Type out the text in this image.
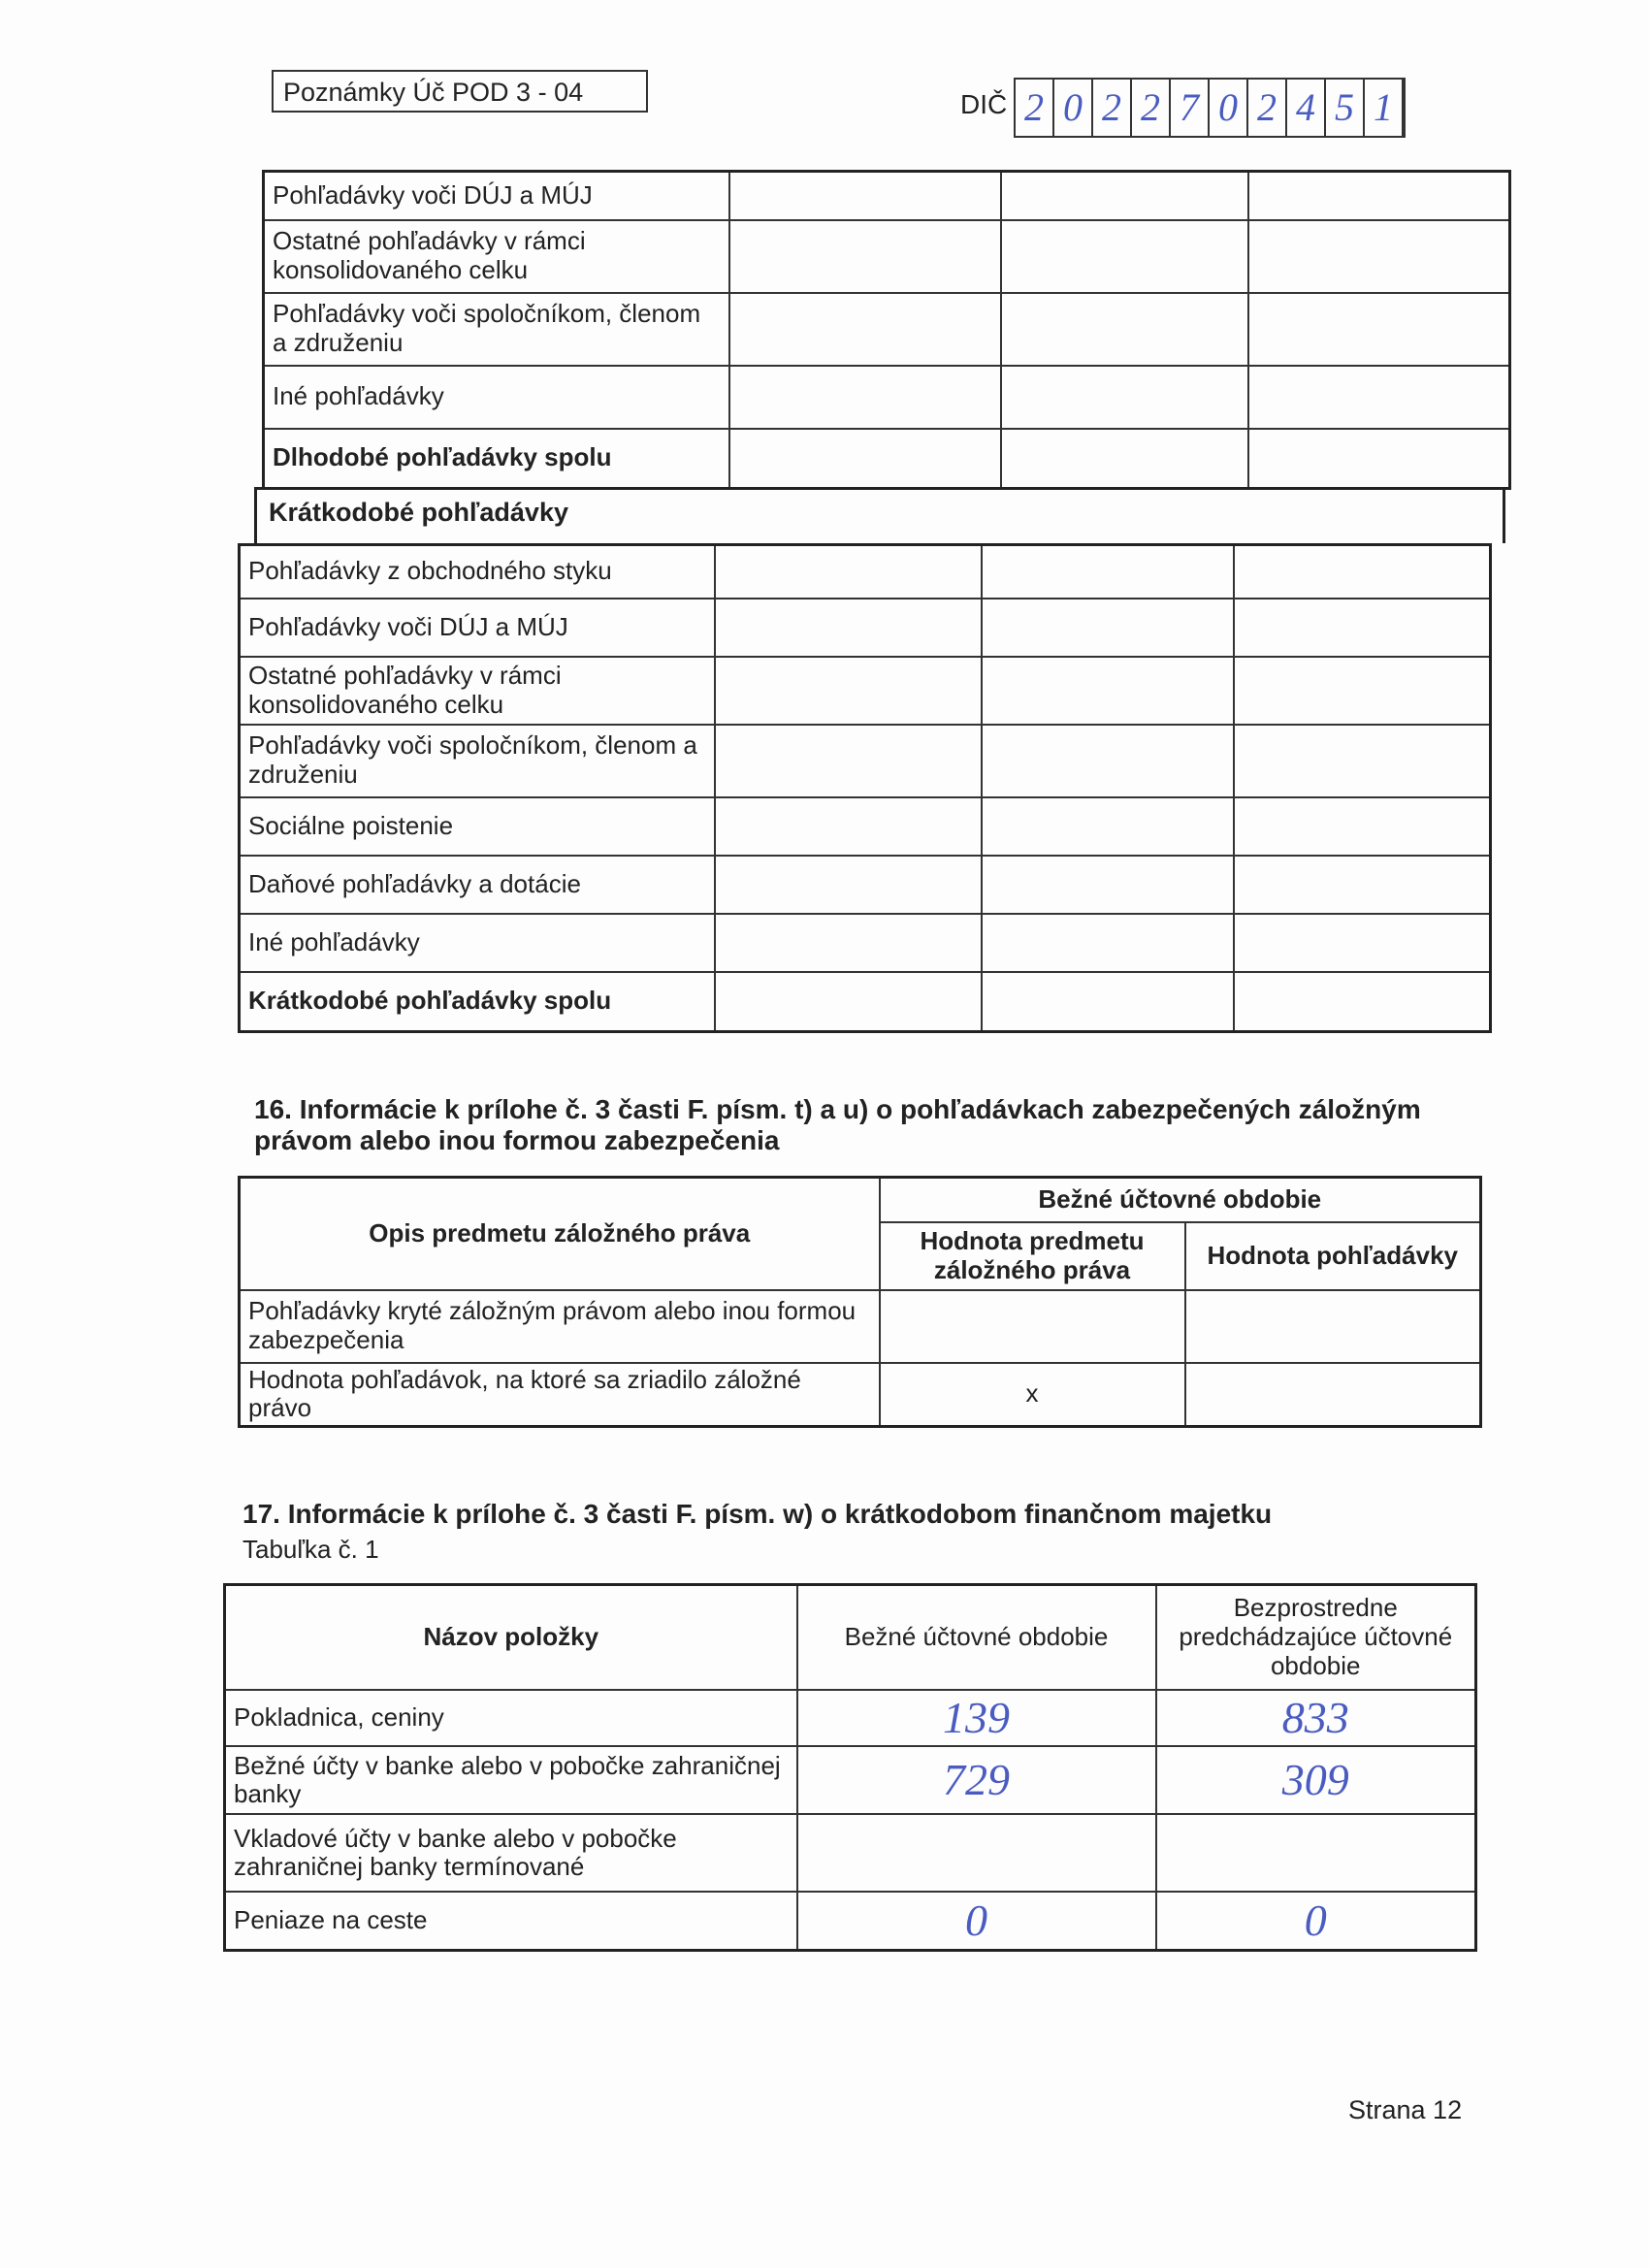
Poznámky Úč POD 3 - 04	DIČ 2 0 2 2 7 0 2 4 5 1
Pohľadávky voči DÚJ a MÚJ			
Ostatné pohľadávky v rámci konsolidovaného celku			
Pohľadávky voči spoločníkom, členom a združeniu			
Iné pohľadávky			
Dlhodobé pohľadávky spolu			
Krátkodobé pohľadávky
Pohľadávky z obchodného styku			
Pohľadávky voči DÚJ a MÚJ			
Ostatné pohľadávky v rámci konsolidovaného celku			
Pohľadávky voči spoločníkom, členom a združeniu			
Sociálne poistenie			
Daňové pohľadávky a dotácie			
Iné pohľadávky			
Krátkodobé pohľadávky spolu			
16. Informácie k prílohe č. 3 časti F. písm. t) a u) o pohľadávkach zabezpečených záložným právom alebo inou formou zabezpečenia
Opis predmetu záložného práva	Bežné účtovné obdobie	
	Hodnota predmetu záložného práva	Hodnota pohľadávky
Pohľadávky kryté záložným právom alebo inou formou zabezpečenia		
Hodnota pohľadávok, na ktoré sa zriadilo záložné právo	x	
17. Informácie k prílohe č. 3 časti F. písm. w) o krátkodobom finančnom majetku
Tabuľka č. 1
Názov položky	Bežné účtovné obdobie	Bezprostredne predchádzajúce účtovné obdobie
Pokladnica, ceniny	139	833
Bežné účty v banke alebo v pobočke zahraničnej banky	729	309
Vkladové účty v banke alebo v pobočke zahraničnej banky termínované		
Peniaze na ceste	0	0
Strana 12
